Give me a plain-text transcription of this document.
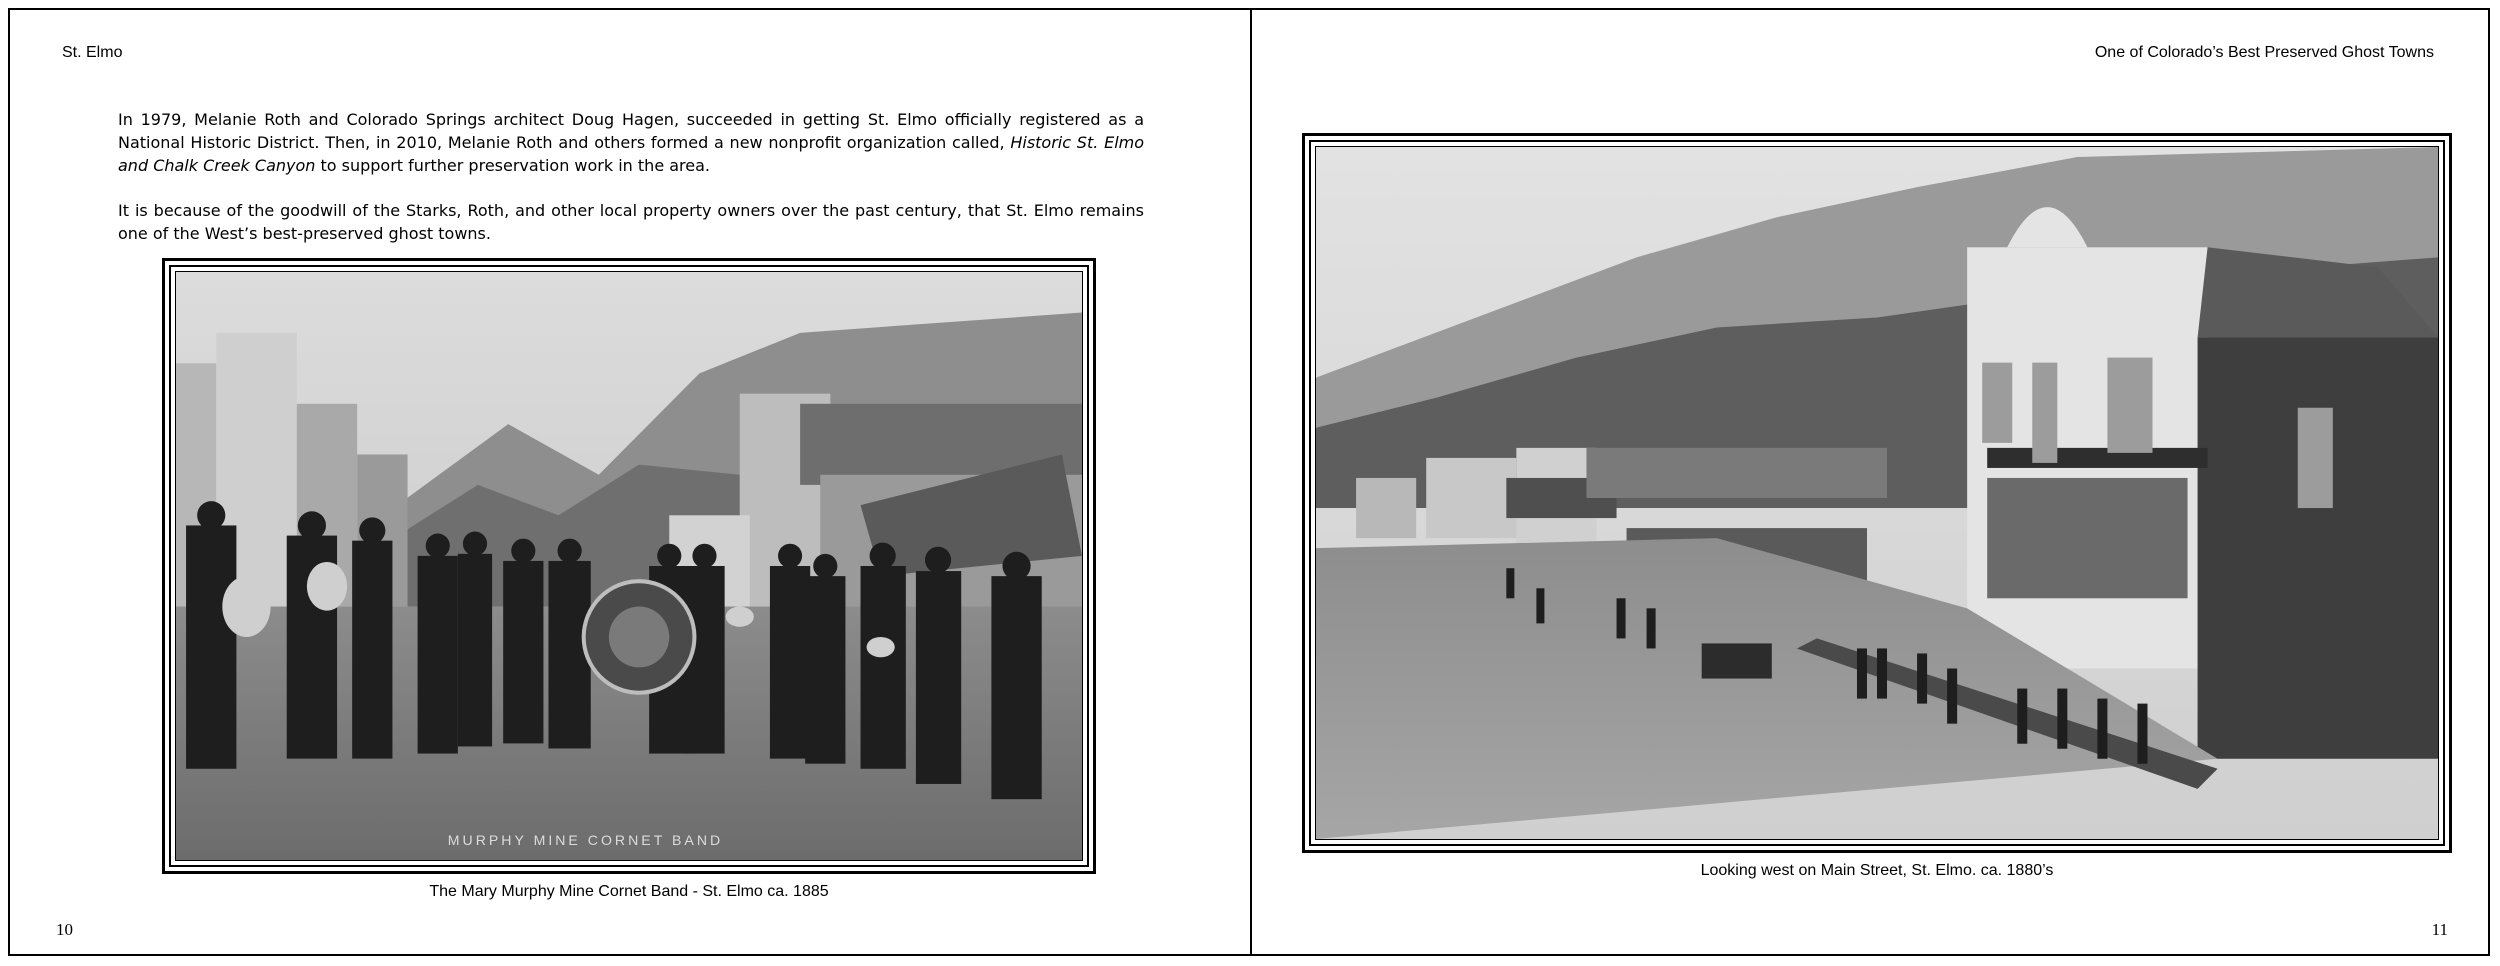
St. Elmo

In 1979, Melanie Roth and Colorado Springs architect Doug Hagen, succeeded in getting St. Elmo officially registered as a National Historic District. Then, in 2010, Melanie Roth and others formed a new nonprofit organization called, Historic St. Elmo and Chalk Creek Canyon to support further preservation work in the area.

It is because of the goodwill of the Starks, Roth, and other local property owners over the past century, that St. Elmo remains one of the West’s best-preserved ghost towns.

MURPHY MINE CORNET BAND
The Mary Murphy Mine Cornet Band - St. Elmo ca. 1885
10
One of Colorado’s Best Preserved Ghost Towns
Looking west on Main Street, St. Elmo. ca. 1880’s
11
